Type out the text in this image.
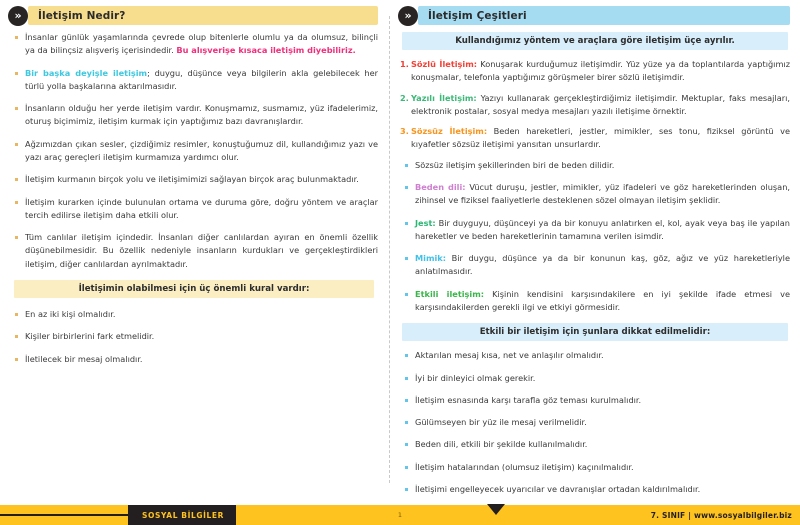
»	İletişim Nedir?
İnsanlar günlük yaşamlarında çevrede olup bitenlerle olumlu ya da olumsuz, bilinçli ya da bilinçsiz alışveriş içerisindedir. Bu alışverişe kısaca iletişim diyebiliriz.
Bir başka deyişle iletişim; duygu, düşünce veya bilgilerin akla gelebilecek her türlü yolla başkalarına aktarılmasıdır.
İnsanların olduğu her yerde iletişim vardır. Konuşmamız, susmamız, yüz ifadelerimiz, oturuş biçimimiz, iletişim kurmak için yaptığımız bazı davranışlardır.
Ağzımızdan çıkan sesler, çizdiğimiz resimler, konuştuğumuz dil, kullandığımız yazı ve yazı araç gereçleri iletişim kurmamıza yardımcı olur.
İletişim kurmanın birçok yolu ve iletişimimizi sağlayan birçok araç bulunmaktadır.
İletişim kurarken içinde bulunulan ortama ve duruma göre, doğru yöntem ve araçlar tercih edilirse iletişim daha etkili olur.
Tüm canlılar iletişim içindedir. İnsanları diğer canlılardan ayıran en önemli özellik düşünebilmesidir. Bu özellik nedeniyle insanların kurdukları ve gerçekleştirdikleri iletişim, diğer canlılardan ayrılmaktadır.
İletişimin olabilmesi için üç önemli kural vardır:
En az iki kişi olmalıdır.
Kişiler birbirlerini fark etmelidir.
İletilecek bir mesaj olmalıdır.
»	İletişim Çeşitleri
Kullandığımız yöntem ve araçlara göre iletişim üçe ayrılır.
1. Sözlü İletişim: Konuşarak kurduğumuz iletişimdir. Yüz yüze ya da toplantılarda yaptığımız konuşmalar, telefonla yaptığımız görüşmeler birer sözlü iletişimdir.
2. Yazılı İletişim: Yazıyı kullanarak gerçekleştirdiğimiz iletişimdir. Mektuplar, faks mesajları, elektronik postalar, sosyal medya mesajları yazılı iletişime örnektir.
3. Sözsüz İletişim: Beden hareketleri, jestler, mimikler, ses tonu, fiziksel görüntü ve kıyafetler sözsüz iletişimi yansıtan unsurlardır.
Sözsüz iletişim şekillerinden biri de beden dilidir.
Beden dili: Vücut duruşu, jestler, mimikler, yüz ifadeleri ve göz hareketlerinden oluşan, zihinsel ve fiziksel faaliyetlerle desteklenen sözel olmayan iletişim şeklidir.
Jest: Bir duyguyu, düşünceyi ya da bir konuyu anlatırken el, kol, ayak veya baş ile yapılan hareketler ve beden hareketlerinin tamamına verilen isimdir.
Mimik: Bir duygu, düşünce ya da bir konunun kaş, göz, ağız ve yüz hareketleriyle anlatılmasıdır.
Etkili iletişim: Kişinin kendisini karşısındakilere en iyi şekilde ifade etmesi ve karşısındakilerden gerekli ilgi ve etkiyi görmesidir.
Etkili bir iletişim için şunlara dikkat edilmelidir:
Aktarılan mesaj kısa, net ve anlaşılır olmalıdır.
İyi bir dinleyici olmak gerekir.
İletişim esnasında karşı tarafla göz teması kurulmalıdır.
Gülümseyen bir yüz ile mesaj verilmelidir.
Beden dili, etkili bir şekilde kullanılmalıdır.
İletişim hatalarından (olumsuz iletişim) kaçınılmalıdır.
İletişimi engelleyecek uyarıcılar ve davranışlar ortadan kaldırılmalıdır.
SOSYAL BİLGİLER	1	7. SINIF | www.sosyalbilgiler.biz
